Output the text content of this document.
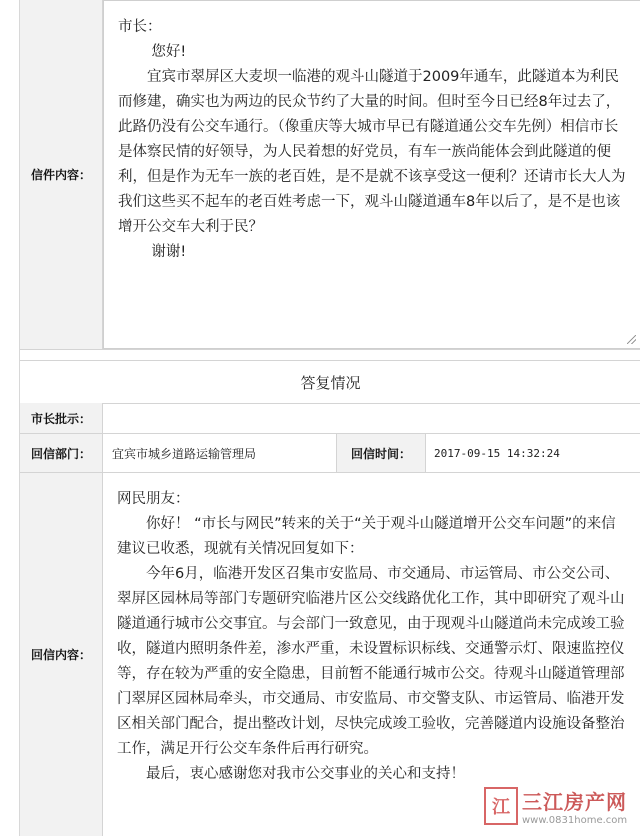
信件内容：

市长：

您好!

宜宾市翠屏区大麦坝一临港的观斗山隧道于2009年通车，此隧道本为利民而修建，确实也为两边的民众节约了大量的时间。但时至今日已经8年过去了，此路仍没有公交车通行。（像重庆等大城市早已有隧道通公交车先例）相信市长是体察民情的好领导，为人民着想的好党员，有车一族尚能体会到此隧道的便利，但是作为无车一族的老百姓，是不是就不该享受这一便利？还请市长大人为我们这些买不起车的老百姓考虑一下，观斗山隧道通车8年以后了，是不是也该增开公交车大利于民？

谢谢!

答复情况
市长批示：
回信部门：	宜宾市城乡道路运输管理局	回信时间：	2017-09-15 14:32:24
回信内容：

网民朋友：

你好！ “市长与网民”转来的关于“关于观斗山隧道增开公交车问题”的来信建议已收悉，现就有关情况回复如下：

今年6月，临港开发区召集市安监局、市交通局、市运管局、市公交公司、翠屏区园林局等部门专题研究临港片区公交线路优化工作，其中即研究了观斗山隧道通行城市公交事宜。与会部门一致意见，由于现观斗山隧道尚未完成竣工验收，隧道内照明条件差，渗水严重，未设置标识标线、交通警示灯、限速监控仪等，存在较为严重的安全隐患，目前暂不能通行城市公交。待观斗山隧道管理部门翠屏区园林局牵头，市交通局、市安监局、市交警支队、市运管局、临港开发区相关部门配合，提出整改计划，尽快完成竣工验收，完善隧道内设施设备整治工作，满足开行公交车条件后再行研究。

最后，衷心感谢您对我市公交事业的关心和支持！

江 三江房产网
www.0831home.com
